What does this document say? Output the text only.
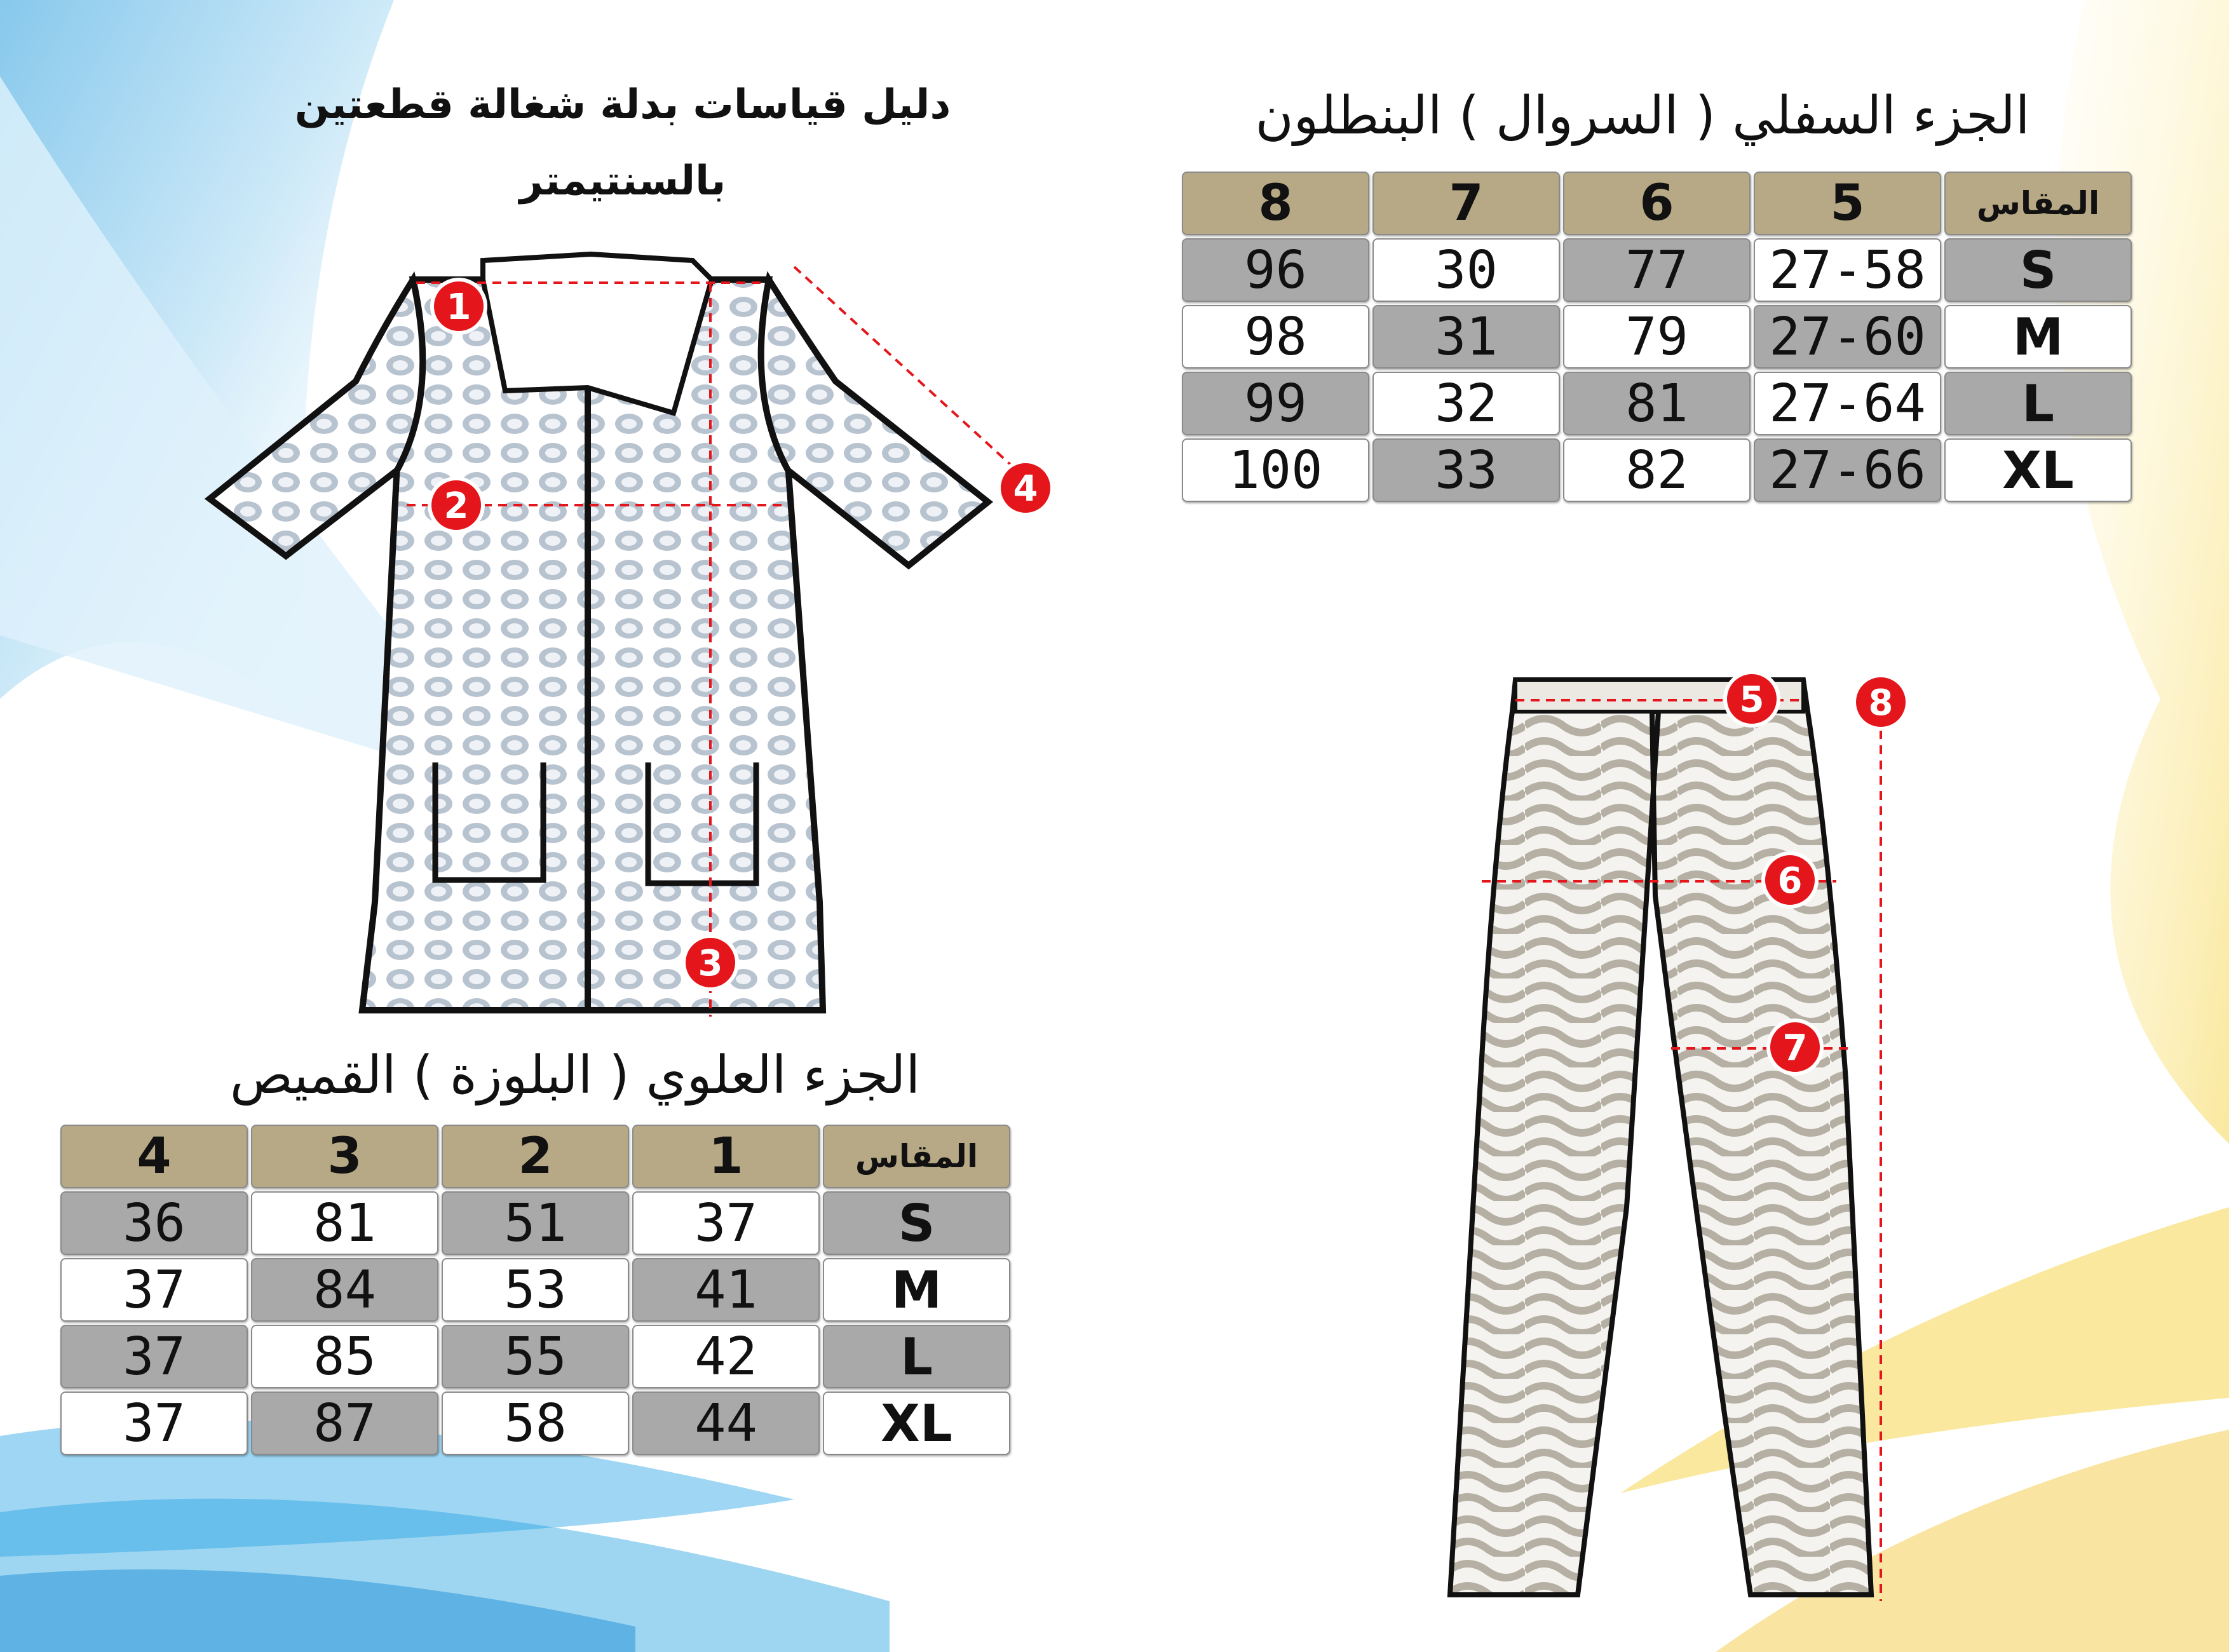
دليل قياسات بدلة شغالة قطعتين
بالسنتيمتر
1
2
3
4
5
6
7
8
الجزء السفلي ( السروال ) البنطلون
8	7	6	5	المقاس
96	30	77	27-58	S
98	31	79	27-60	M
99	32	81	27-64	L
100	33	82	27-66	XL
الجزء العلوي ( البلوزة ) القميص
4	3	2	1	المقاس
36	81	51	37	S
37	84	53	41	M
37	85	55	42	L
37	87	58	44	XL
